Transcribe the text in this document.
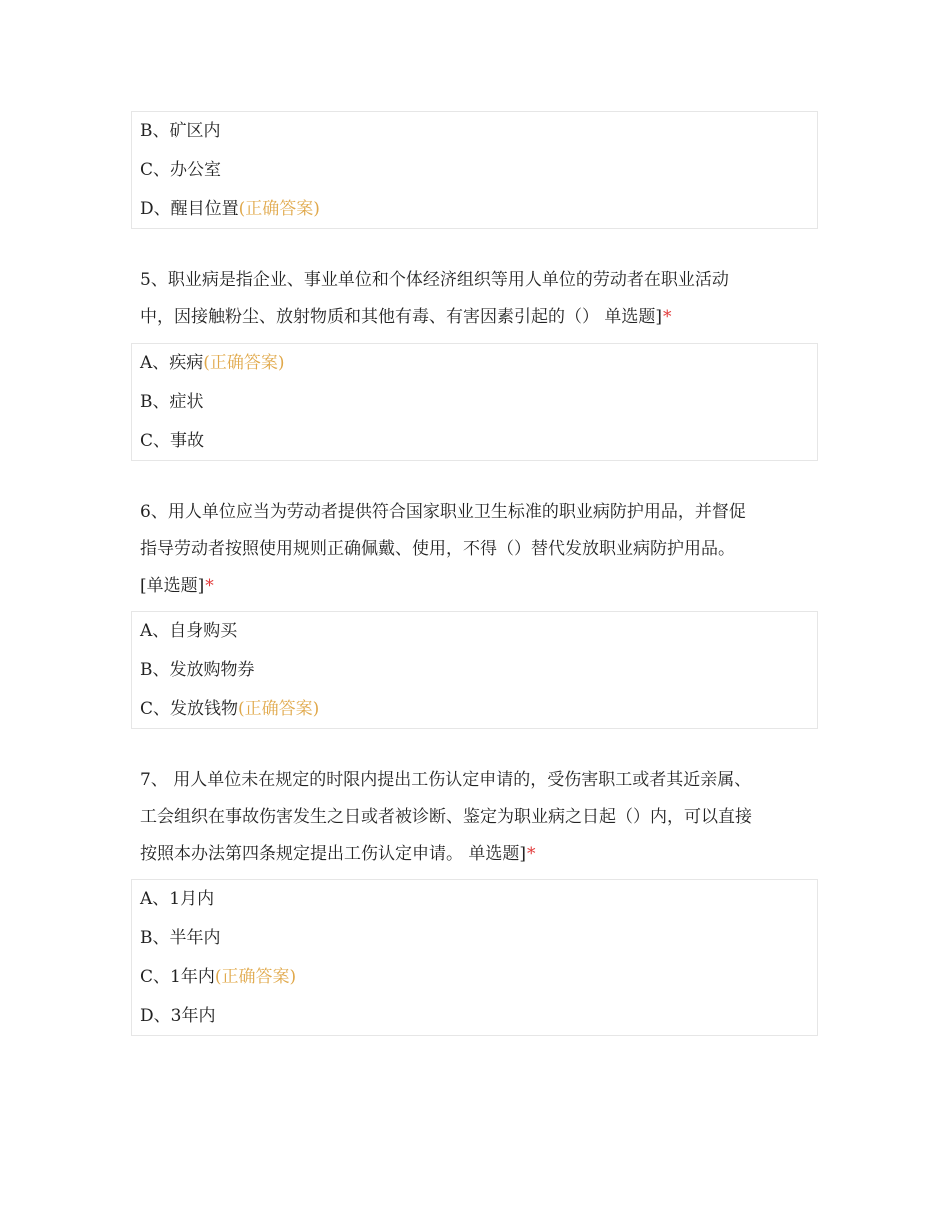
B、矿区内
C、办公室
D、醒目位置(正确答案)
5、职业病是指企业、事业单位和个体经济组织等用人单位的劳动者在职业活动
中，因接触粉尘、放射物质和其他有毒、有害因素引起的（） 单选题]*
A、疾病(正确答案)
B、症状
C、事故
6、用人单位应当为劳动者提供符合国家职业卫生标准的职业病防护用品，并督促
指导劳动者按照使用规则正确佩戴、使用，不得（）替代发放职业病防护用品。
[单选题]*
A、自身购买
B、发放购物券
C、发放钱物(正确答案)
7、 用人单位未在规定的时限内提出工伤认定申请的，受伤害职工或者其近亲属、
工会组织在事故伤害发生之日或者被诊断、鉴定为职业病之日起（）内，可以直接
按照本办法第四条规定提出工伤认定申请。 单选题]*
A、1月内
B、半年内
C、1年内(正确答案)
D、3年内
